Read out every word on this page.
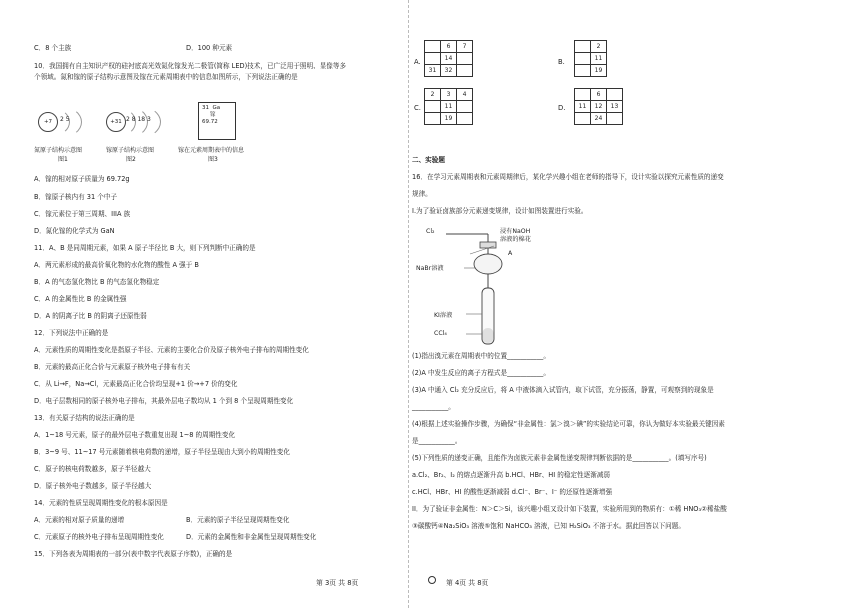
C．8 个主族	D．100 种元素
10．我国拥有自主知识产权的硅衬底高光效氮化镓发光二极管(简称 LED)技术，已广泛用于照明、显像等多
个领域。氮和镓的原子结构示意图及镓在元素周期表中的信息如图所示，下列说法正确的是
+7	2 5	+31 2 8 18 3
31 Ga
镓
69.72
氮原子结构示意图
图1
镓原子结构示意图
图2
镓在元素周期表中的信息
图3
A．镓的相对原子质量为 69.72g
B．镓原子核内有 31 个中子
C．镓元素位于第三周期、IIIA 族
D．氮化镓的化学式为 GaN
11．A、B 是同周期元素，如果 A 原子半径比 B 大，则下列判断中正确的是
A．两元素形成的最高价氧化物的水化物的酸性 A 强于 B
B．A 的气态氢化物比 B 的气态氢化物稳定
C．A 的金属性比 B 的金属性强
D．A 的阴离子比 B 的阴离子还原性弱
12．下列说法中正确的是
A．元素性质的周期性变化是指原子半径、元素的主要化合价及原子核外电子排布的周期性变化
B．元素的最高正化合价与元素原子核外电子排布有关
C．从 Li→F，Na→Cl，元素最高正化合价均呈现+1 价→+7 价的变化
D．电子层数相同的原子核外电子排布，其最外层电子数均从 1 个到 8 个呈现周期性变化
13．有关原子结构的说法正确的是
A．1~18 号元素，原子的最外层电子数重复出现 1~8 的周期性变化
B．3~9 号、11~17 号元素随着核电荷数的递增，原子半径呈现由大到小的周期性变化
C．原子的核电荷数越多，原子半径越大
D．原子核外电子数越多，原子半径越大
14．元素的性质呈现周期性变化的根本原因是
A．元素的相对原子质量的递增	B．元素的原子半径呈现周期性变化
C．元素原子的核外电子排布呈现周期性变化	D．元素的金属性和非金属性呈现周期性变化
15．下列各表为周期表的一部分(表中数字代表原子序数)，正确的是
第 3页 共 8页
A.
	6	7
	14	
31	32	
B.
	2
	11
	19
C.
2	3	4
	11	
	19	
D.
	6	
11	12	13
	24	
二、实验题
16．在学习元素周期表和元素周期律后，某化学兴趣小组在老师的指导下，设计实验以探究元素性质的递变
规律。
I.为了验证卤族部分元素递变规律，设计如图装置进行实验。
Cl₂	浸有NaOH
溶液的棉花
A
NaBr溶液
KI溶液
CCl₄
(1)指出溴元素在周期表中的位置___________。
(2)A 中发生反应的离子方程式是___________。
(3)A 中通入 Cl₂ 充分反应后，将 A 中液体滴入试管内，取下试管，充分振荡，静置，可观察到的现象是
___________。
(4)根据上述实验操作步骤，为确保“非金属性：氯＞溴＞碘”的实验结论可靠，你认为做好本实验最关键因素
是___________。
(5)下列性质的递变正确，且能作为卤族元素非金属性递变规律判断依据的是___________。(填写序号)
a.Cl₂、Br₂、I₂ 的熔点逐渐升高 b.HCl、HBr、HI 的稳定性逐渐减弱
c.HCl、HBr、HI 的酸性逐渐减弱 d.Cl⁻、Br⁻、I⁻ 的还原性逐渐增强
II．为了验证非金属性：N＞C＞Si，该兴趣小组又设计如下装置，实验所用到的物质有：①稀 HNO₃②稀盐酸
③碳酸钙④Na₂SiO₃ 溶液⑤饱和 NaHCO₃ 溶液，已知 H₂SiO₃ 不溶于水。据此回答以下问题。
第 4页 共 8页
